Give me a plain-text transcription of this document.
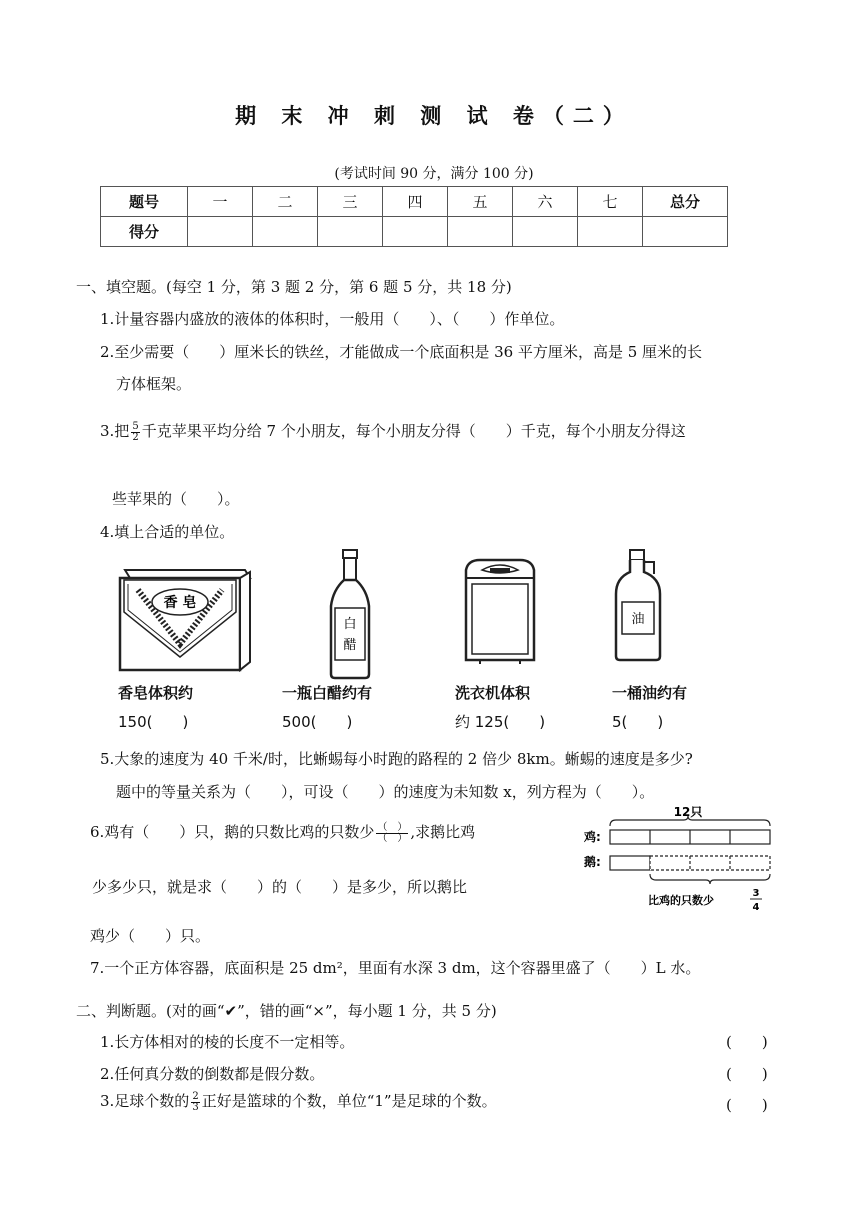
期 末 冲 刺 测 试 卷（二）
(考试时间 90 分，满分 100 分)
题号	一	二	三	四	五	六	七	总分
得分								
一、填空题。(每空 1 分，第 3 题 2 分，第 6 题 5 分，共 18 分)
1.计量容器内盛放的液体的体积时，一般用（　　）、（　　）作单位。
2.至少需要（　　）厘米长的铁丝，才能做成一个底面积是 36 平方厘米，高是 5 厘米的长
方体框架。
3.把 $\frac{5}{2}$ 千克苹果平均分给 7 个小朋友，每个小朋友分得（　　）千克，每个小朋友分得这
些苹果的（　　）。
4.填上合适的单位。
香 皂
白
醋
油
香皂体积约
150(　　)
一瓶白醋约有
500(　　)
洗衣机体积
约 125(　　)
一桶油约有
5(　　)
5.大象的速度为 40 千米/时，比蜥蜴每小时跑的路程的 2 倍少 8km。蜥蜴的速度是多少?
题中的等量关系为（　　），可设（　　）的速度为未知数 x，列方程为（　　）。
6.鸡有（　　）只，鹅的只数比鸡的只数少 $\frac{( )}{( )}$ ,求鹅比鸡
少多少只，就是求（　　）的（　　）是多少，所以鹅比
鸡少（　　）只。
12只
鸡:
鹅:
比鸡的只数少
3
4
7.一个正方体容器，底面积是 25 dm²，里面有水深 3 dm，这个容器里盛了（　　）L 水。
二、判断题。(对的画“✔”，错的画“×”，每小题 1 分，共 5 分)
1.长方体相对的棱的长度不一定相等。	(　　)
2.任何真分数的倒数都是假分数。	(　　)
3.足球个数的 $\frac{2}{3}$ 正好是篮球的个数，单位“1”是足球的个数。	(　　)
